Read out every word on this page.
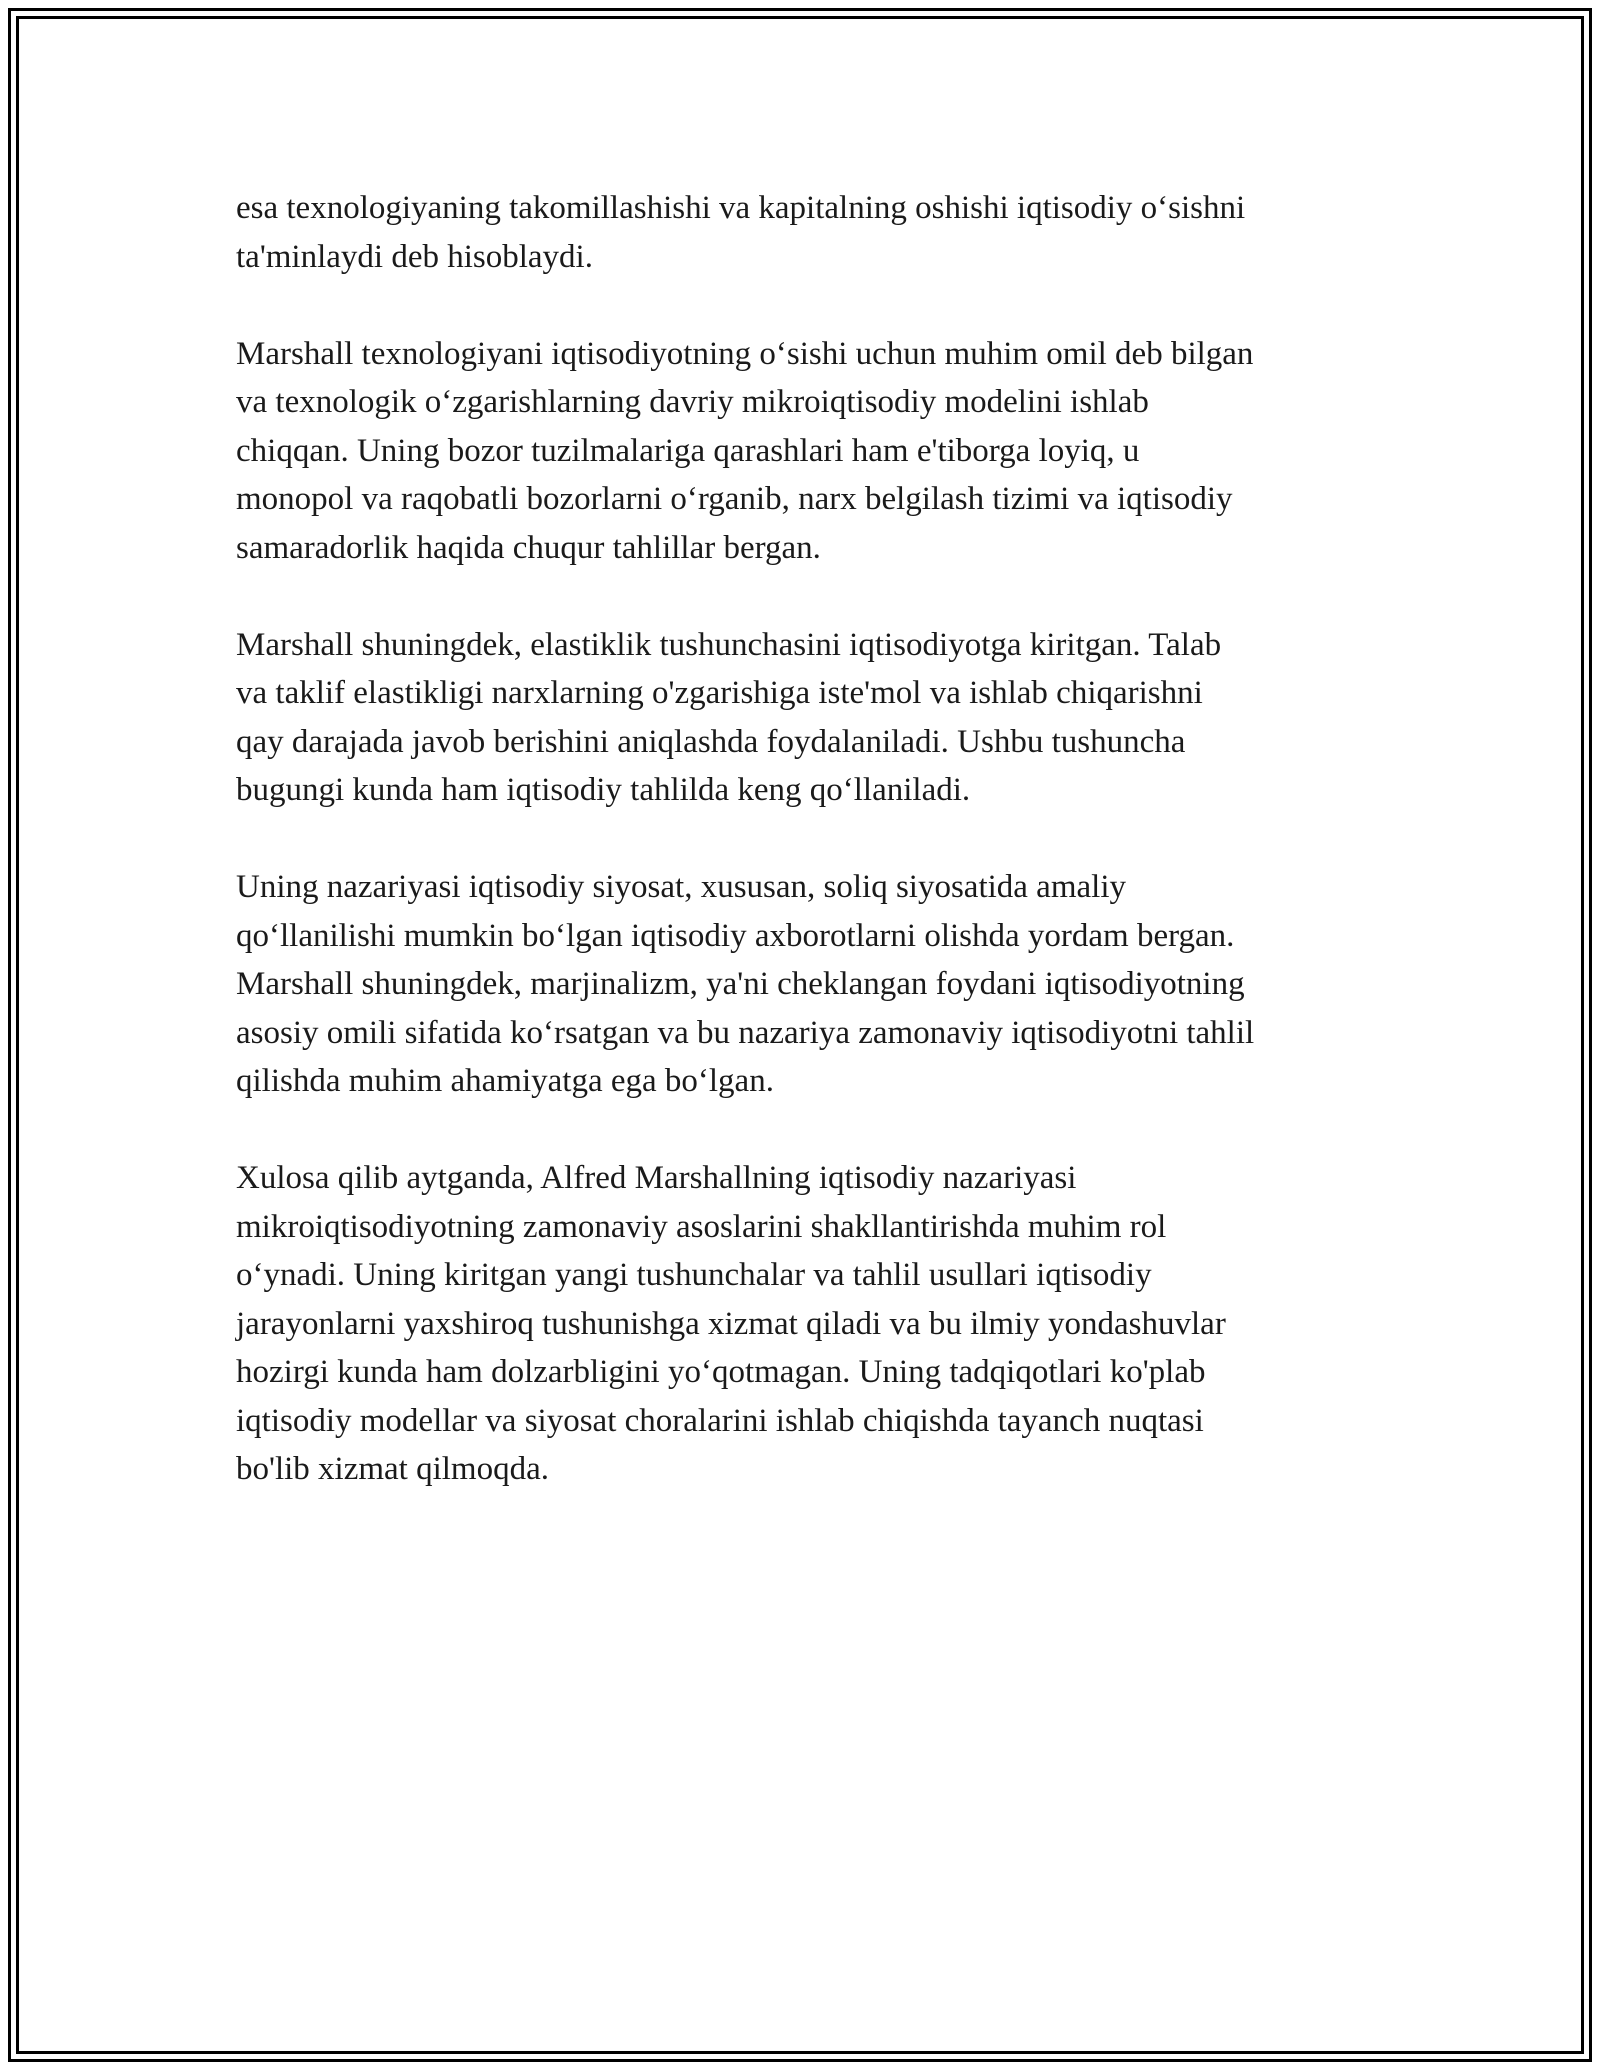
esa texnologiyaning takomillashishi va kapitalning oshishi iqtisodiy o‘sishni
ta'minlaydi deb hisoblaydi.

Marshall texnologiyani iqtisodiyotning o‘sishi uchun muhim omil deb bilgan
va texnologik o‘zgarishlarning davriy mikroiqtisodiy modelini ishlab
chiqqan. Uning bozor tuzilmalariga qarashlari ham e'tiborga loyiq, u
monopol va raqobatli bozorlarni o‘rganib, narx belgilash tizimi va iqtisodiy
samaradorlik haqida chuqur tahlillar bergan.

Marshall shuningdek, elastiklik tushunchasini iqtisodiyotga kiritgan. Talab
va taklif elastikligi narxlarning o'zgarishiga iste'mol va ishlab chiqarishni
qay darajada javob berishini aniqlashda foydalaniladi. Ushbu tushuncha
bugungi kunda ham iqtisodiy tahlilda keng qo‘llaniladi.

Uning nazariyasi iqtisodiy siyosat, xususan, soliq siyosatida amaliy
qo‘llanilishi mumkin bo‘lgan iqtisodiy axborotlarni olishda yordam bergan.
Marshall shuningdek, marjinalizm, ya'ni cheklangan foydani iqtisodiyotning
asosiy omili sifatida ko‘rsatgan va bu nazariya zamonaviy iqtisodiyotni tahlil
qilishda muhim ahamiyatga ega bo‘lgan.

Xulosa qilib aytganda, Alfred Marshallning iqtisodiy nazariyasi
mikroiqtisodiyotning zamonaviy asoslarini shakllantirishda muhim rol
o‘ynadi. Uning kiritgan yangi tushunchalar va tahlil usullari iqtisodiy
jarayonlarni yaxshiroq tushunishga xizmat qiladi va bu ilmiy yondashuvlar
hozirgi kunda ham dolzarbligini yo‘qotmagan. Uning tadqiqotlari ko'plab
iqtisodiy modellar va siyosat choralarini ishlab chiqishda tayanch nuqtasi
bo'lib xizmat qilmoqda.
